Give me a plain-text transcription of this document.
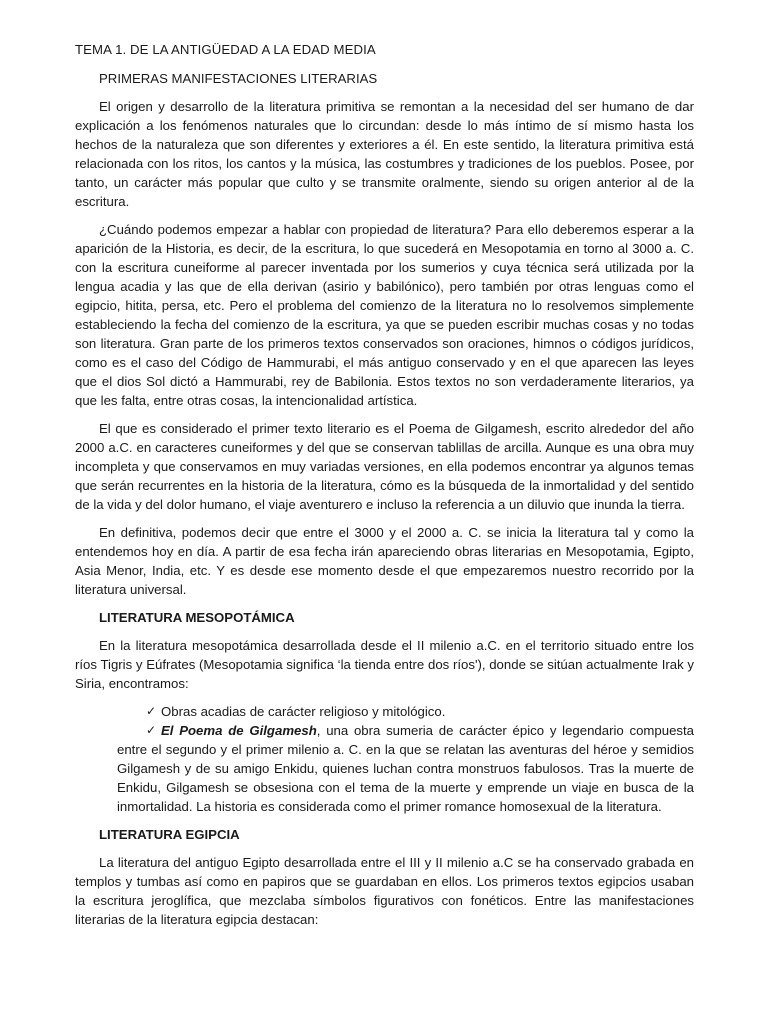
TEMA 1. DE LA ANTIGÜEDAD A LA EDAD MEDIA
PRIMERAS MANIFESTACIONES LITERARIAS

El origen y desarrollo de la literatura primitiva se remontan a la necesidad del ser humano de dar explicación a los fenómenos naturales que lo circundan: desde lo más íntimo de sí mismo hasta los hechos de la naturaleza que son diferentes y exteriores a él. En este sentido, la literatura primitiva está relacionada con los ritos, los cantos y la música, las costumbres y tradiciones de los pueblos. Posee, por tanto, un carácter más popular que culto y se transmite oralmente, siendo su origen anterior al de la escritura.

¿Cuándo podemos empezar a hablar con propiedad de literatura? Para ello deberemos esperar a la aparición de la Historia, es decir, de la escritura, lo que sucederá en Mesopotamia en torno al 3000 a. C. con la escritura cuneiforme al parecer inventada por los sumerios y cuya técnica será utilizada por la lengua acadia y las que de ella derivan (asirio y babilónico), pero también por otras lenguas como el egipcio, hitita, persa, etc. Pero el problema del comienzo de la literatura no lo resolvemos simplemente estableciendo la fecha del comienzo de la escritura, ya que se pueden escribir muchas cosas y no todas son literatura. Gran parte de los primeros textos conservados son oraciones, himnos o códigos jurídicos, como es el caso del Código de Hammurabi, el más antiguo conservado y en el que aparecen las leyes que el dios Sol dictó a Hammurabi, rey de Babilonia. Estos textos no son verdaderamente literarios, ya que les falta, entre otras cosas, la intencionalidad artística.

El que es considerado el primer texto literario es el Poema de Gilgamesh, escrito alrededor del año 2000 a.C. en caracteres cuneiformes y del que se conservan tablillas de arcilla. Aunque es una obra muy incompleta y que conservamos en muy variadas versiones, en ella podemos encontrar ya algunos temas que serán recurrentes en la historia de la literatura, cómo es la búsqueda de la inmortalidad y del sentido de la vida y del dolor humano, el viaje aventurero e incluso la referencia a un diluvio que inunda la tierra.

En definitiva, podemos decir que entre el 3000 y el 2000 a. C. se inicia la literatura tal y como la entendemos hoy en día. A partir de esa fecha irán apareciendo obras literarias en Mesopotamia, Egipto, Asia Menor, India, etc. Y es desde ese momento desde el que empezaremos nuestro recorrido por la literatura universal.

LITERATURA MESOPOTÁMICA

En la literatura mesopotámica desarrollada desde el II milenio a.C. en el territorio situado entre los ríos Tigris y Eúfrates (Mesopotamia significa ‘la tienda entre dos ríos'), donde se sitúan actualmente Irak y Siria, encontramos:

✓ Obras acadias de carácter religioso y mitológico.
✓ El Poema de Gilgamesh, una obra sumeria de carácter épico y legendario compuesta entre el segundo y el primer milenio a. C. en la que se relatan las aventuras del héroe y semidios Gilgamesh y de su amigo Enkidu, quienes luchan contra monstruos fabulosos. Tras la muerte de Enkidu, Gilgamesh se obsesiona con el tema de la muerte y emprende un viaje en busca de la inmortalidad. La historia es considerada como el primer romance homosexual de la literatura.
LITERATURA EGIPCIA

La literatura del antiguo Egipto desarrollada entre el III y II milenio a.C se ha conservado grabada en templos y tumbas así como en papiros que se guardaban en ellos. Los primeros textos egipcios usaban la escritura jeroglífica, que mezclaba símbolos figurativos con fonéticos. Entre las manifestaciones literarias de la literatura egipcia destacan:
